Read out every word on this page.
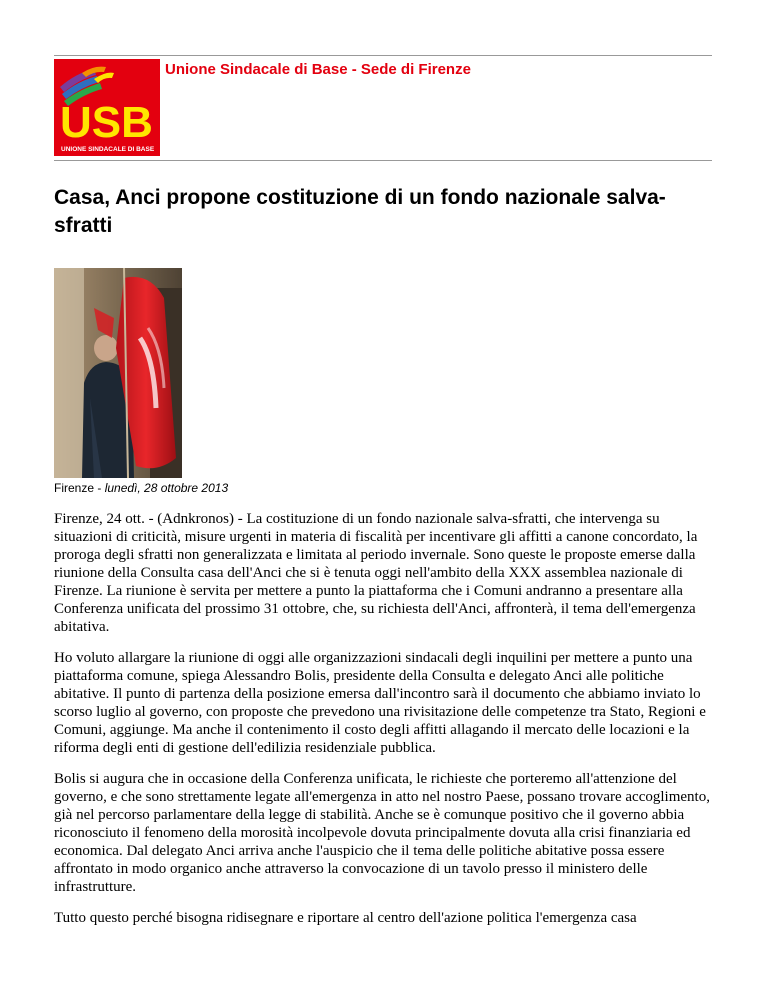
USB
UNIONE SINDACALE DI BASE

Unione Sindacale di Base - Sede di Firenze

Casa, Anci propone costituzione di un fondo nazionale salva-sfratti

Firenze - lunedì, 28 ottobre 2013

Firenze, 24 ott. - (Adnkronos) - La costituzione di un fondo nazionale salva-sfratti, che intervenga su situazioni di criticità, misure urgenti in materia di fiscalità per incentivare gli affitti a canone concordato, la proroga degli sfratti non generalizzata e limitata al periodo invernale. Sono queste le proposte emerse dalla riunione della Consulta casa dell'Anci che si è tenuta oggi nell'ambito della XXX assemblea nazionale di Firenze. La riunione è servita per mettere a punto la piattaforma che i Comuni andranno a presentare alla Conferenza unificata del prossimo 31 ottobre, che, su richiesta dell'Anci, affronterà, il tema dell'emergenza abitativa.

Ho voluto allargare la riunione di oggi alle organizzazioni sindacali degli inquilini per mettere a punto una piattaforma comune, spiega Alessandro Bolis, presidente della Consulta e delegato Anci alle politiche abitative. Il punto di partenza della posizione emersa dall'incontro sarà il documento che abbiamo inviato lo scorso luglio al governo, con proposte che prevedono una rivisitazione delle competenze tra Stato, Regioni e Comuni, aggiunge. Ma anche il contenimento il costo degli affitti allagando il mercato delle locazioni e la riforma degli enti di gestione dell'edilizia residenziale pubblica.

Bolis si augura che in occasione della Conferenza unificata, le richieste che porteremo all'attenzione del governo, e che sono strettamente legate all'emergenza in atto nel nostro Paese, possano trovare accoglimento, già nel percorso parlamentare della legge di stabilità. Anche se è comunque positivo che il governo abbia riconosciuto il fenomeno della morosità incolpevole dovuta principalmente dovuta alla crisi finanziaria ed economica. Dal delegato Anci arriva anche l'auspicio che il tema delle politiche abitative possa essere affrontato in modo organico anche attraverso la convocazione di un tavolo presso il ministero delle infrastrutture.

Tutto questo perché bisogna ridisegnare e riportare al centro dell'azione politica l'emergenza casa
